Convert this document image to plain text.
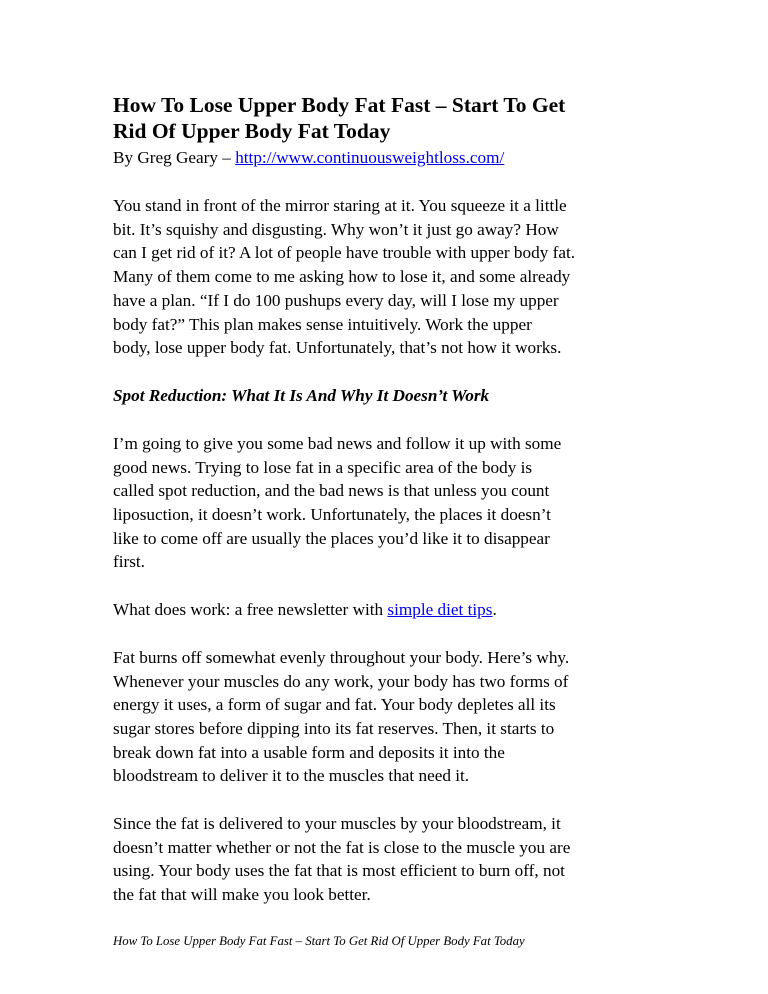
How To Lose Upper Body Fat Fast – Start To Get
Rid Of Upper Body Fat Today

By Greg Geary – http://www.continuousweightloss.com/

You stand in front of the mirror staring at it. You squeeze it a little
bit. It’s squishy and disgusting. Why won’t it just go away? How
can I get rid of it? A lot of people have trouble with upper body fat.
Many of them come to me asking how to lose it, and some already
have a plan. “If I do 100 pushups every day, will I lose my upper
body fat?” This plan makes sense intuitively. Work the upper
body, lose upper body fat. Unfortunately, that’s not how it works.

Spot Reduction: What It Is And Why It Doesn’t Work

I’m going to give you some bad news and follow it up with some
good news. Trying to lose fat in a specific area of the body is
called spot reduction, and the bad news is that unless you count
liposuction, it doesn’t work. Unfortunately, the places it doesn’t
like to come off are usually the places you’d like it to disappear
first.

What does work: a free newsletter with simple diet tips.

Fat burns off somewhat evenly throughout your body. Here’s why.
Whenever your muscles do any work, your body has two forms of
energy it uses, a form of sugar and fat. Your body depletes all its
sugar stores before dipping into its fat reserves. Then, it starts to
break down fat into a usable form and deposits it into the
bloodstream to deliver it to the muscles that need it.

Since the fat is delivered to your muscles by your bloodstream, it
doesn’t matter whether or not the fat is close to the muscle you are
using. Your body uses the fat that is most efficient to burn off, not
the fat that will make you look better.

How To Lose Upper Body Fat Fast – Start To Get Rid Of Upper Body Fat Today
